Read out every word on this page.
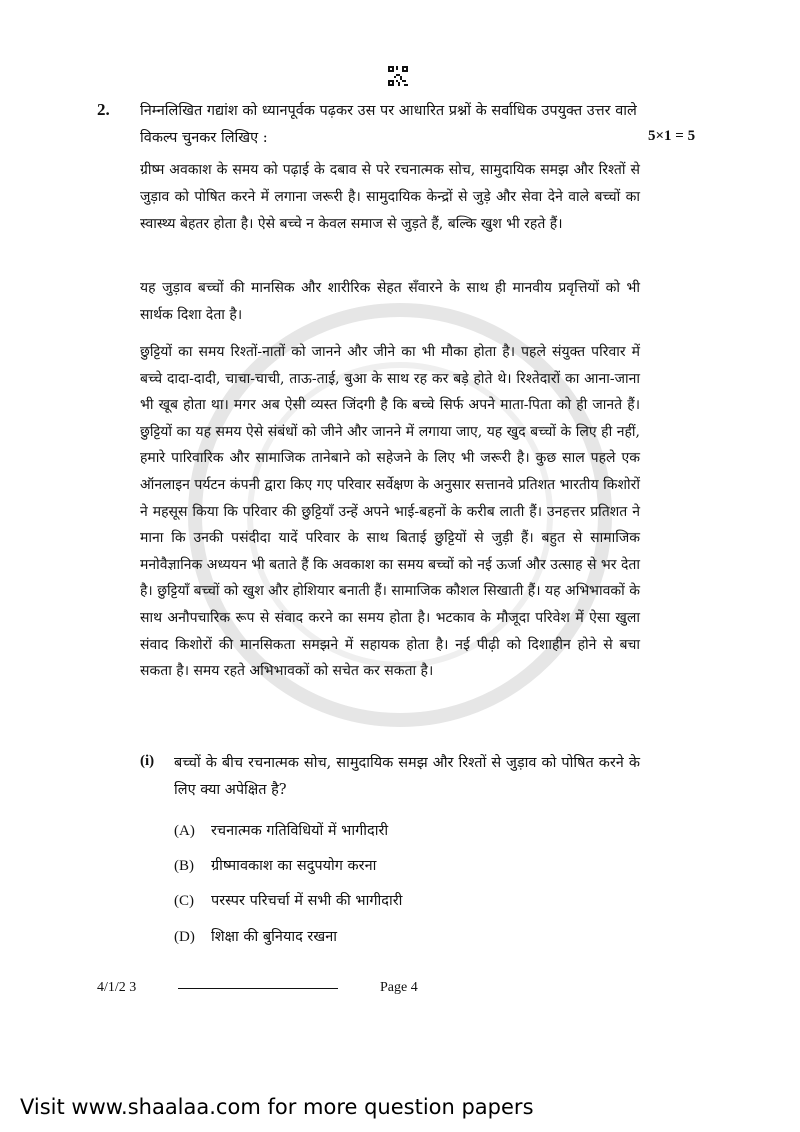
2. निम्नलिखित गद्यांश को ध्यानपूर्वक पढ़कर उस पर आधारित प्रश्नों के सर्वाधिक उपयुक्त उत्तर वाले विकल्प चुनकर लिखिए :	5×1 = 5

ग्रीष्म अवकाश के समय को पढ़ाई के दबाव से परे रचनात्मक सोच, सामुदायिक समझ और रिश्तों से जुड़ाव को पोषित करने में लगाना जरूरी है। सामुदायिक केन्द्रों से जुड़े और सेवा देने वाले बच्चों का स्वास्थ्य बेहतर होता है। ऐसे बच्चे न केवल समाज से जुड़ते हैं, बल्कि खुश भी रहते हैं।

यह जुड़ाव बच्चों की मानसिक और शारीरिक सेहत सँवारने के साथ ही मानवीय प्रवृत्तियों को भी सार्थक दिशा देता है।

छुट्टियों का समय रिश्तों-नातों को जानने और जीने का भी मौका होता है। पहले संयुक्त परिवार में बच्चे दादा-दादी, चाचा-चाची, ताऊ-ताई, बुआ के साथ रह कर बड़े होते थे। रिश्तेदारों का आना-जाना भी खूब होता था। मगर अब ऐसी व्यस्त जिंदगी है कि बच्चे सिर्फ अपने माता-पिता को ही जानते हैं। छुट्टियों का यह समय ऐसे संबंधों को जीने और जानने में लगाया जाए, यह खुद बच्चों के लिए ही नहीं, हमारे पारिवारिक और सामाजिक तानेबाने को सहेजने के लिए भी जरूरी है। कुछ साल पहले एक ऑनलाइन पर्यटन कंपनी द्वारा किए गए परिवार सर्वेक्षण के अनुसार सत्तानवे प्रतिशत भारतीय किशोरों ने महसूस किया कि परिवार की छुट्टियाँ उन्हें अपने भाई-बहनों के करीब लाती हैं। उनहत्तर प्रतिशत ने माना कि उनकी पसंदीदा यादें परिवार के साथ बिताई छुट्टियों से जुड़ी हैं। बहुत से सामाजिक मनोवैज्ञानिक अध्ययन भी बताते हैं कि अवकाश का समय बच्चों को नई ऊर्जा और उत्साह से भर देता है। छुट्टियाँ बच्चों को खुश और होशियार बनाती हैं। सामाजिक कौशल सिखाती हैं। यह अभिभावकों के साथ अनौपचारिक रूप से संवाद करने का समय होता है। भटकाव के मौजूदा परिवेश में ऐसा खुला संवाद किशोरों की मानसिकता समझने में सहायक होता है। नई पीढ़ी को दिशाहीन होने से बचा सकता है। समय रहते अभिभावकों को सचेत कर सकता है।

(i) बच्चों के बीच रचनात्मक सोच, सामुदायिक समझ और रिश्तों से जुड़ाव को पोषित करने के लिए क्या अपेक्षित है?

(A) रचनात्मक गतिविधियों में भागीदारी
(B) ग्रीष्मावकाश का सदुपयोग करना
(C) परस्पर परिचर्चा में सभी की भागीदारी
(D) शिक्षा की बुनियाद रखना
4/1/2 3	Page 4
Visit www.shaalaa.com for more question papers
